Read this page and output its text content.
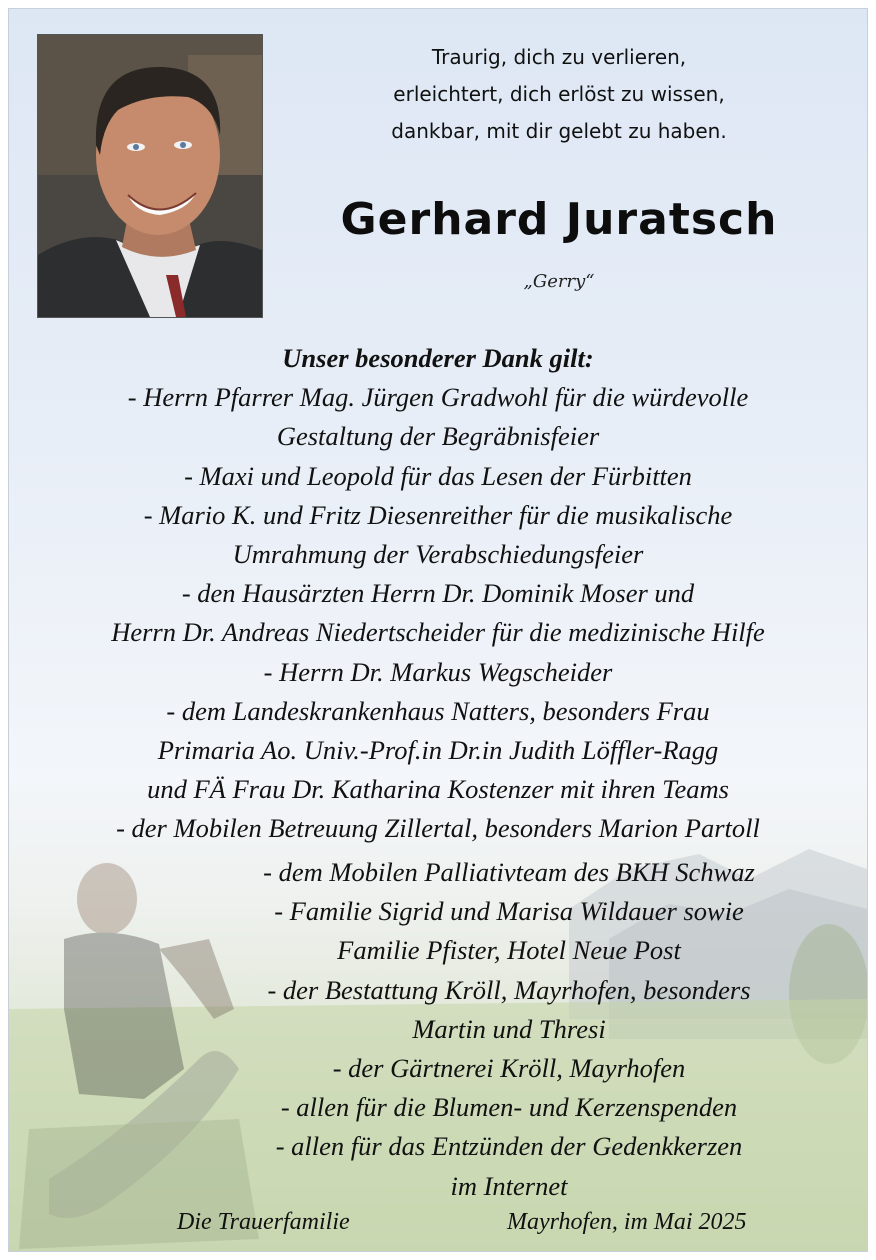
Traurig, dich zu verlieren,
erleichtert, dich erlöst zu wissen,
dankbar, mit dir gelebt zu haben.
Gerhard Juratsch
„Gerry“
Unser besonderer Dank gilt:
- Herrn Pfarrer Mag. Jürgen Gradwohl für die würdevolle
Gestaltung der Begräbnisfeier
- Maxi und Leopold für das Lesen der Fürbitten
- Mario K. und Fritz Diesenreither für die musikalische
Umrahmung der Verabschiedungsfeier
- den Hausärzten Herrn Dr. Dominik Moser und
Herrn Dr. Andreas Niedertscheider für die medizinische Hilfe
- Herrn Dr. Markus Wegscheider
- dem Landeskrankenhaus Natters, besonders Frau
Primaria Ao. Univ.-Prof.in Dr.in Judith Löffler-Ragg
und FÄ Frau Dr. Katharina Kostenzer mit ihren Teams
- der Mobilen Betreuung Zillertal, besonders Marion Partoll
- dem Mobilen Palliativteam des BKH Schwaz
- Familie Sigrid und Marisa Wildauer sowie
Familie Pfister, Hotel Neue Post
- der Bestattung Kröll, Mayrhofen, besonders
Martin und Thresi
- der Gärtnerei Kröll, Mayrhofen
- allen für die Blumen- und Kerzenspenden
- allen für das Entzünden der Gedenkkerzen
im Internet
Die Trauerfamilie	Mayrhofen, im Mai 2025
